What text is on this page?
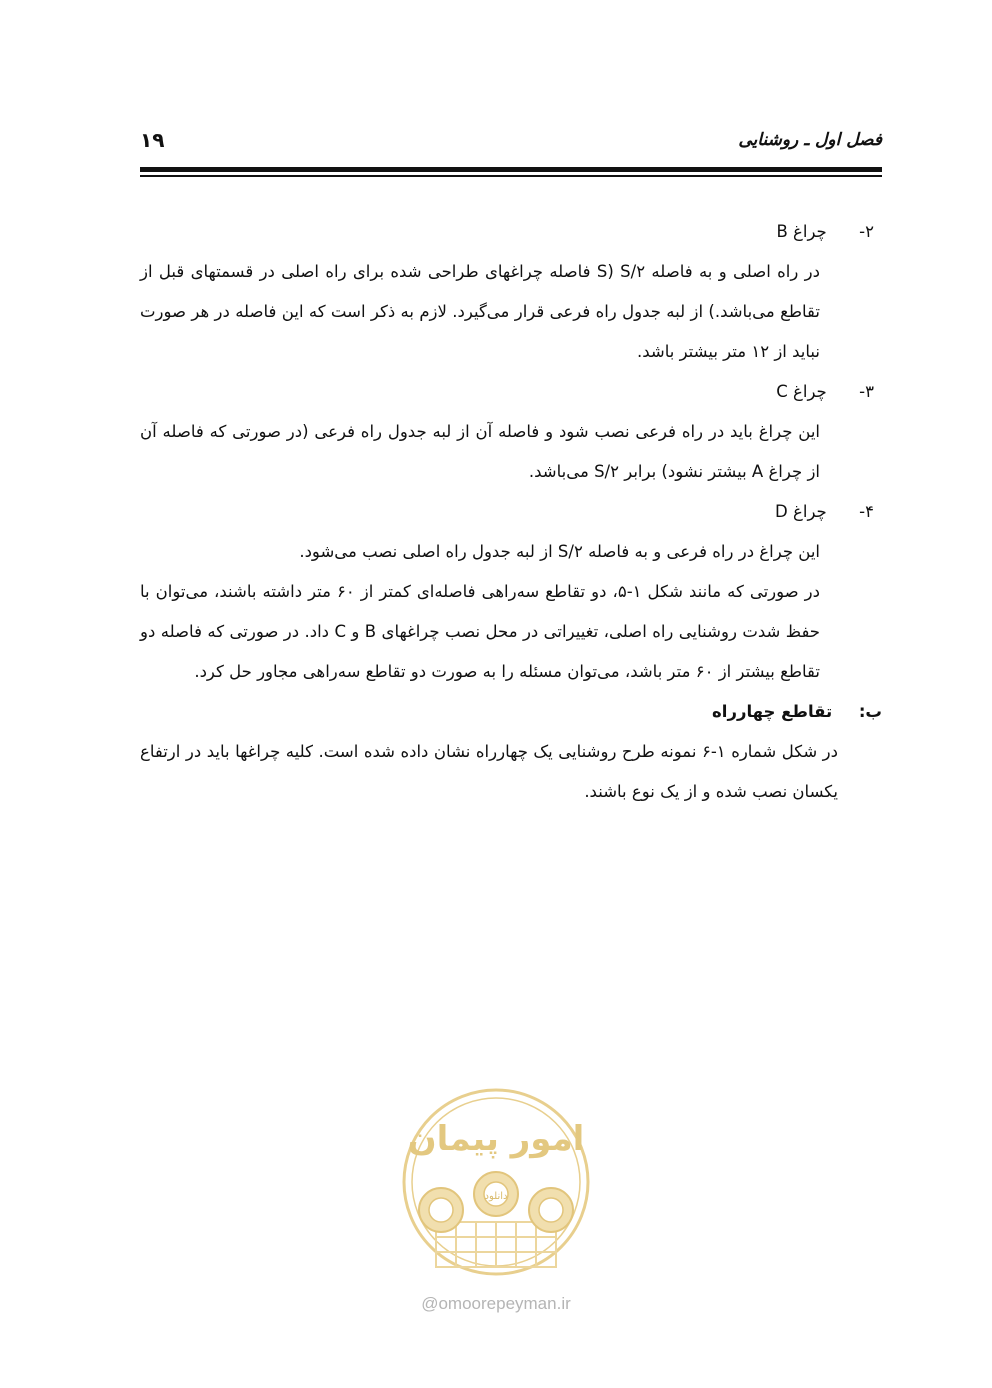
فصل اول ـ روشنایی
۱۹
۲- چراغ B
در راه اصلی و به فاصله S/۲ (S فاصله چراغهای طراحی شده برای راه اصلی در قسمتهای قبل از تقاطع می‌باشد.) از لبه جدول راه فرعی قرار می‌گیرد. لازم به ذکر است که این فاصله در هر صورت نباید از ۱۲ متر بیشتر باشد.
۳- چراغ C
این چراغ باید در راه فرعی نصب شود و فاصله آن از لبه جدول راه فرعی (در صورتی که فاصله آن از چراغ A بیشتر نشود) برابر S/۲ می‌باشد.
۴- چراغ D
این چراغ در راه فرعی و به فاصله S/۲ از لبه جدول راه اصلی نصب می‌شود.
در صورتی که مانند شکل ۱-۵، دو تقاطع سه‌راهی فاصله‌ای کمتر از ۶۰ متر داشته باشند، می‌توان با حفظ شدت روشنایی راه اصلی، تغییراتی در محل نصب چراغهای B و C داد. در صورتی که فاصله دو تقاطع بیشتر از ۶۰ متر باشد، می‌توان مسئله را به صورت دو تقاطع سه‌راهی مجاور حل کرد.
ب: تقاطع چهارراه
در شکل شماره ۱-۶ نمونه طرح روشنایی یک چهارراه نشان داده شده است. کلیه چراغها باید در ارتفاع یکسان نصب شده و از یک نوع باشند.
امور پیمان
دانلود
@omoorepeyman.ir
